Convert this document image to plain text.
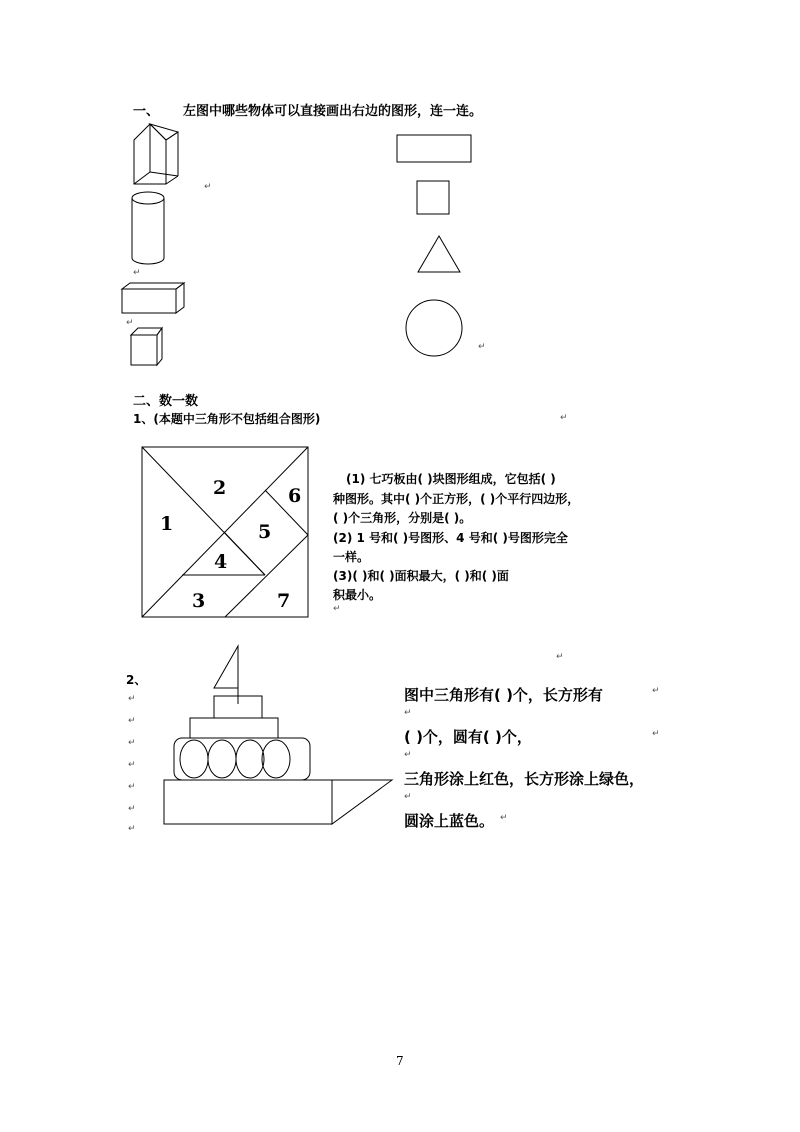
一、 左图中哪些物体可以直接画出右边的图形，连一连。
↵
↵
↵
↵
二、数一数
1、(本题中三角形不包括组合图形)	↵
1
2
3
4
5
6
7
(1) 七巧板由( )块图形组成，它包括( )
种图形。其中( )个正方形，( )个平行四边形，
( )个三角形，分别是( )。
(2) 1 号和( )号图形、4 号和( )号图形完全
一样。
(3)( )和( )面积最大，( )和( )面
积最小。
↵
↵
2、
↵
↵
↵
↵
↵
↵
↵
图中三角形有( )个，长方形有	↵
↵
( )个，圆有( )个，	↵
↵
三角形涂上红色，长方形涂上绿色，
↵
圆涂上蓝色。 ↵
7
